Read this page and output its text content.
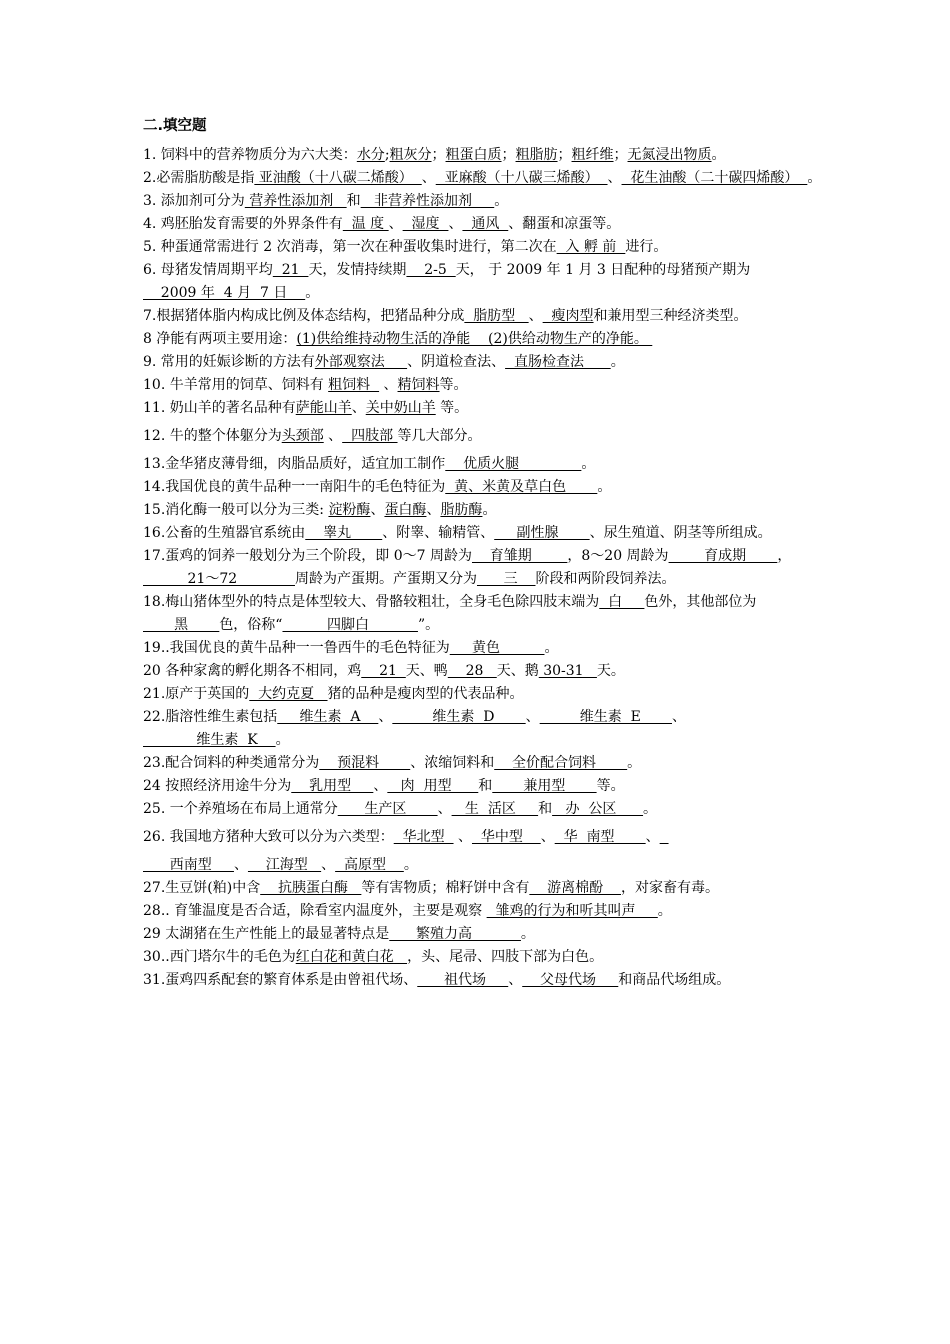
二.填空题
1. 饲料中的营养物质分为六大类：水分;粗灰分；粗蛋白质；粗脂肪；粗纤维；无氮浸出物质。
2.必需脂肪酸是指 亚油酸（十八碳二烯酸）  、  亚麻酸（十八碳三烯酸）  、  花生油酸（二十碳四烯酸）  。
3. 添加剂可分为 营养性添加剂   和   非营养性添加剂     。
4. 鸡胚胎发育需要的外界条件有  温 度 、  湿度  、  通风  、翻蛋和凉蛋等。
5. 种蛋通常需进行 2 次消毒，第一次在种蛋收集时进行，第二次在  入 孵 前  进行。
6. 母猪发情周期平均  21  天，发情持续期    2-5  天， 于 2009 年 1 月 3 日配种的母猪预产期为    2009 年  4 月  7 日    。
7.根据猪体脂内构成比例及体态结构，把猪品种分成  脂肪型   、  瘦肉型和兼用型三种经济类型。
8 净能有两项主要用途：(1)供给维持动物生活的净能    (2)供给动物生产的净能。
9. 常用的妊娠诊断的方法有外部观察法     、阴道检查法、  直肠检查法      。
10. 牛羊常用的饲草、饲料有 粗饲料   、精饲料等。
11. 奶山羊的著名品种有萨能山羊、关中奶山羊 等。
12. 牛的整个体躯分为头颈部 、  四肢部 等几大部分。
13.金华猪皮薄骨细，肉脂品质好，适宜加工制作    优质火腿              。
14.我国优良的黄牛品种一一南阳牛的毛色特征为  黄、米黄及草白色       。
15.消化酶一般可以分为三类: 淀粉酶、蛋白酶、脂肪酶。
16.公畜的生殖器官系统由    睾丸       、附睾、输精管、     副性腺       、尿生殖道、阴茎等所组成。
17.蛋鸡的饲养一般划分为三个阶段，即 0～7 周龄为    育雏期        ，8～20 周龄为        育成期       ，          21～72             周龄为产蛋期。产蛋期又分为      三    阶段和两阶段饲养法。
18.梅山猪体型外的特点是体型较大、骨骼较粗壮，全身毛色除四肢末端为  白     色外，其他部位为       黑       色，俗称“          四脚白           ”。
19..我国优良的黄牛品种一一鲁西牛的毛色特征为     黄色          。
20 各种家禽的孵化期各不相同，鸡    21  天、鸭    28   天、鹅 30-31   天。
21.原产于英国的  大约克夏   猪的品种是瘦肉型的代表品种。
22.脂溶性维生素包括     维生素  A    、         维生素  D       、         维生素  E       、            维生素  K    。
23.配合饲料的种类通常分为    预混料       、浓缩饲料和    全价配合饲料       。
24 按照经济用途牛分为    乳用型     、   肉  用型      和       兼用型       等。
25. 一个养殖场在布局上通常分      生产区       、   生  活区     和   办  公区      。
26. 我国地方猪种大致可以分为六类型：  华北型   、  华中型    、  华  南型       、
西南型     、    江海型   、  高原型    。
27.生豆饼(粕)中含    抗胰蛋白酶   等有害物质；棉籽饼中含有    游离棉酚    ，对家畜有毒。
28.. 育雏温度是否合适，除看室内温度外，主要是观察   雏鸡的行为和听其叫声     。
29 太湖猪在生产性能上的最显著特点是      繁殖力高           。
30..西门塔尔牛的毛色为红白花和黄白花   ，头、尾帚、四肢下部为白色。
31.蛋鸡四系配套的繁育体系是由曾祖代场、      祖代场     、    父母代场     和商品代场组成。
